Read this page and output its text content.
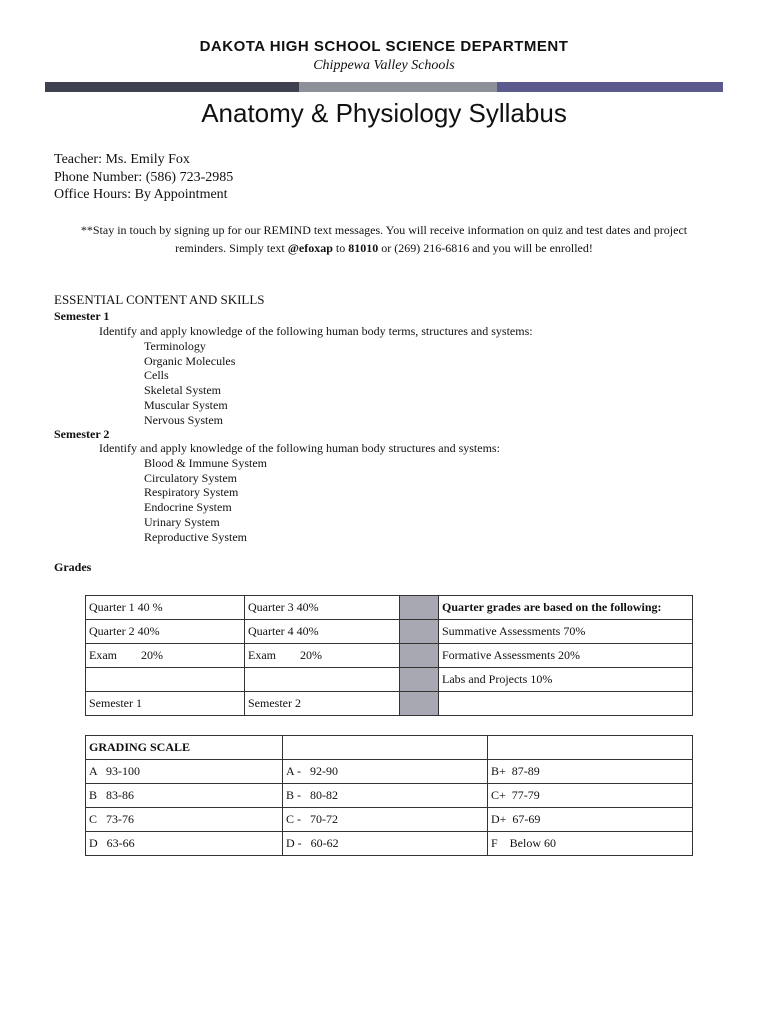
DAKOTA HIGH SCHOOL SCIENCE DEPARTMENT
Chippewa Valley Schools
Anatomy & Physiology Syllabus
Teacher: Ms. Emily Fox
Phone Number: (586) 723-2985
Office Hours: By Appointment
**Stay in touch by signing up for our REMIND text messages. You will receive information on quiz and test dates and project reminders. Simply text @efoxap to 81010 or (269) 216-6816 and you will be enrolled!
ESSENTIAL CONTENT AND SKILLS
Semester 1
Identify and apply knowledge of the following human body terms, structures and systems:
Terminology
Organic Molecules
Cells
Skeletal System
Muscular System
Nervous System
Semester 2
Identify and apply knowledge of the following human body structures and systems:
Blood & Immune System
Circulatory System
Respiratory System
Endocrine System
Urinary System
Reproductive System
Grades
Quarter 1 40 %	Quarter 3 40%		Quarter grades are based on the following:
Quarter 2 40%	Quarter 4 40%		Summative Assessments 70%
Exam        20%	Exam        20%		Formative Assessments 20%
			Labs and Projects 10%
Semester 1	Semester 2		
GRADING SCALE		
A   93-100	A -   92-90	B+  87-89
B   83-86	B -   80-82	C+  77-79
C   73-76	C -   70-72	D+  67-69
D   63-66	D -   60-62	F    Below 60
